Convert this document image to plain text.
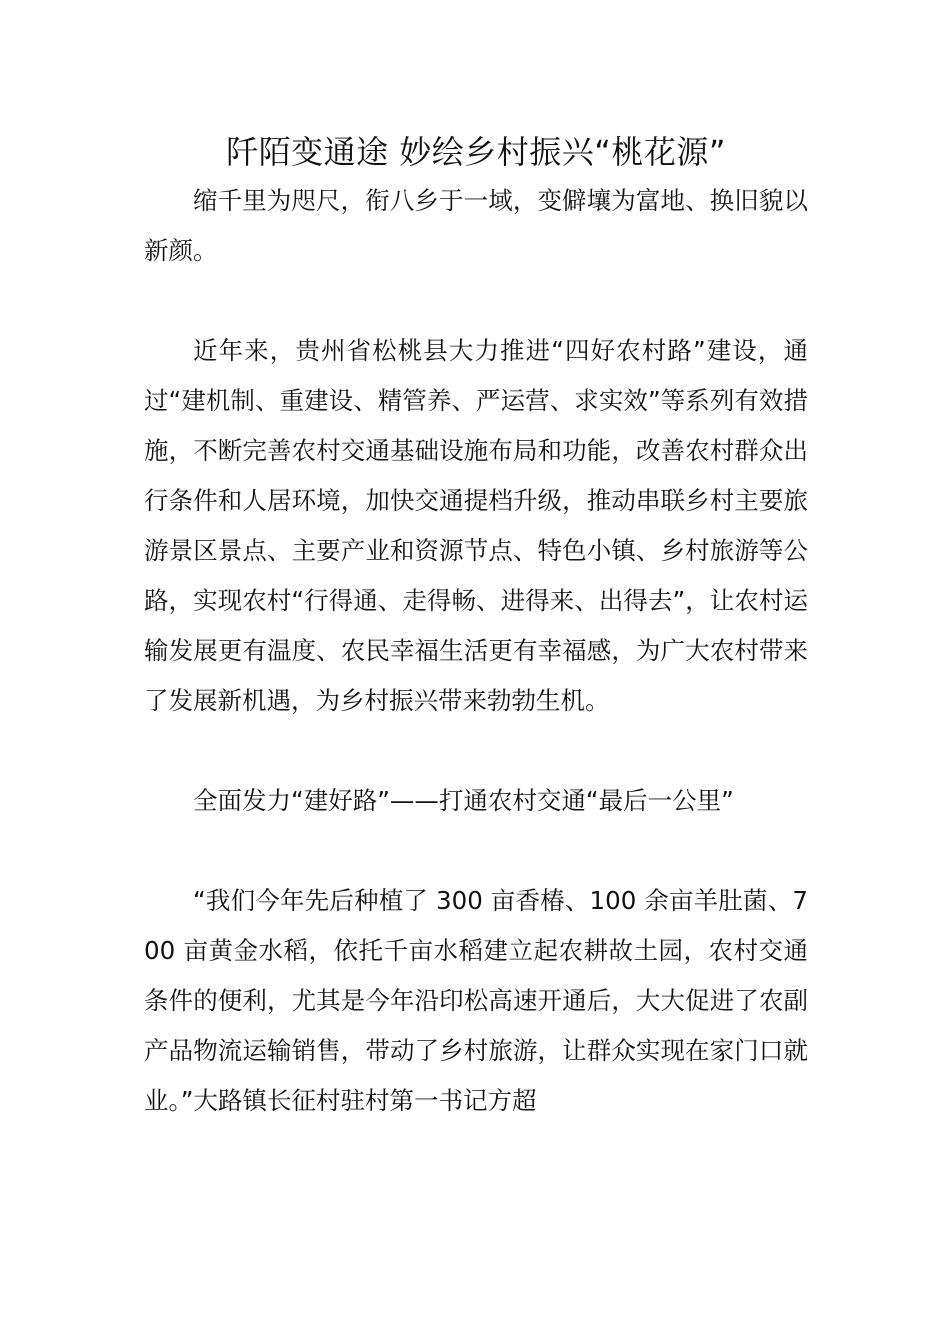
阡陌变通途 妙绘乡村振兴“桃花源”

缩千里为咫尺，衔八乡于一域，变僻壤为富地、换旧貌以新颜。

近年来，贵州省松桃县大力推进“四好农村路”建设，通过“建机制、重建设、精管养、严运营、求实效”等系列有效措施，不断完善农村交通基础设施布局和功能，改善农村群众出行条件和人居环境，加快交通提档升级，推动串联乡村主要旅游景区景点、主要产业和资源节点、特色小镇、乡村旅游等公路，实现农村“行得通、走得畅、进得来、出得去”，让农村运输发展更有温度、农民幸福生活更有幸福感，为广大农村带来了发展新机遇，为乡村振兴带来勃勃生机。

全面发力“建好路”——打通农村交通“最后一公里”

“我们今年先后种植了 300 亩香椿、100 余亩羊肚菌、700 亩黄金水稻，依托千亩水稻建立起农耕故土园，农村交通条件的便利，尤其是今年沿印松高速开通后，大大促进了农副产品物流运输销售，带动了乡村旅游，让群众实现在家门口就业。”大路镇长征村驻村第一书记方超
